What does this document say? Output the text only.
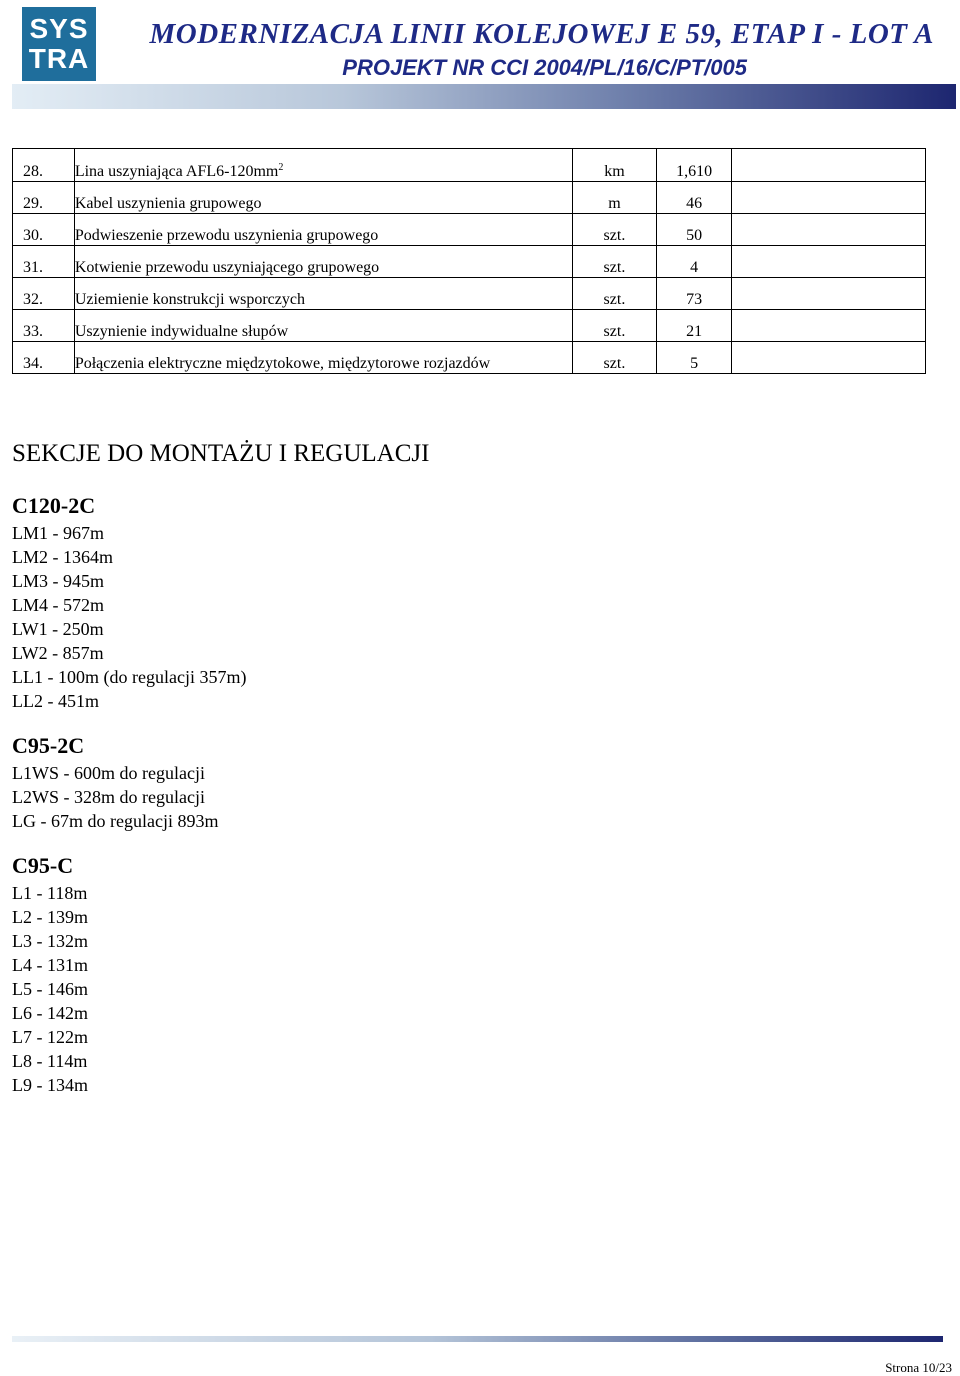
SYS
TRA
MODERNIZACJA LINII KOLEJOWEJ E 59, ETAP I - LOT A
PROJEKT NR CCI 2004/PL/16/C/PT/005
28.	Lina uszyniająca $AFL6-120mm^2$	km	1,610	
29.	Kabel uszynienia grupowego	m	46	
30.	Podwieszenie przewodu uszynienia grupowego	szt.	50	
31.	Kotwienie przewodu uszyniającego grupowego	szt.	4	
32.	Uziemienie konstrukcji wsporczych	szt.	73	
33.	Uszynienie indywidualne słupów	szt.	21	
34.	Połączenia elektryczne międzytokowe, międzytorowe rozjazdów	szt.	5	
SEKCJE DO MONTAŻU I REGULACJI
C120-2C
LM1 - 967m
LM2 - 1364m
LM3 - 945m
LM4 - 572m
LW1 - 250m
LW2 - 857m
LL1 - 100m (do regulacji 357m)
LL2 - 451m
C95-2C
L1WS - 600m do regulacji
L2WS - 328m do regulacji
LG - 67m do regulacji 893m
C95-C
L1 - 118m
L2 - 139m
L3 - 132m
L4 - 131m
L5 - 146m
L6 - 142m
L7 - 122m
L8 - 114m
L9 - 134m
Strona 10/23
